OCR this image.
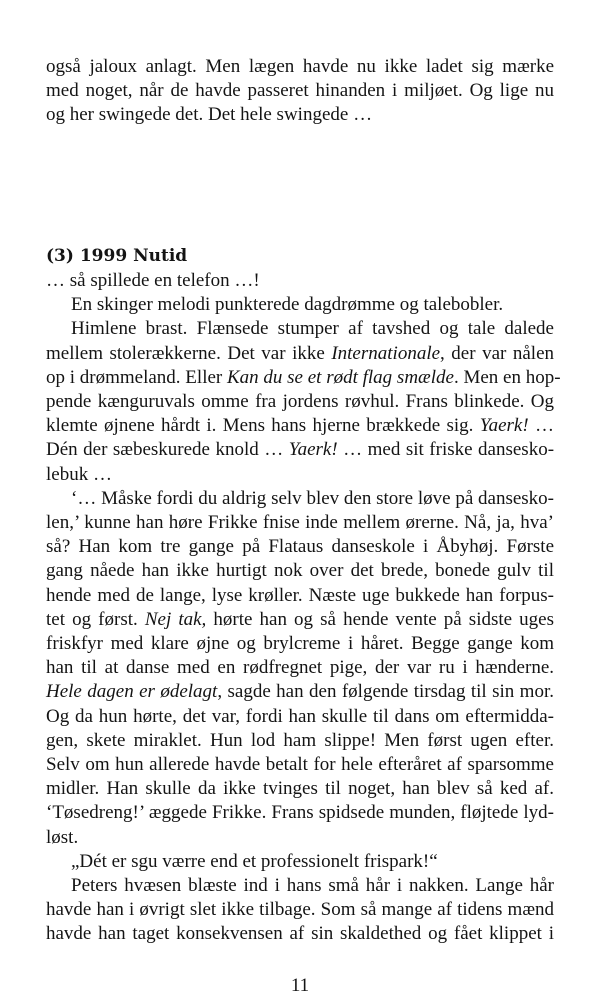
også jaloux anlagt. Men lægen havde nu ikke ladet sig mærke
med noget, når de havde passeret hinanden i miljøet. Og lige nu
og her swingede det. Det hele swingede …
(3) 1999 Nutid
… så spillede en telefon …!
En skinger melodi punkterede dagdrømme og talebobler.
Himlene brast. Flænsede stumper af tavshed og tale dalede
mellem stolerækkerne. Det var ikke Internationale, der var nålen
op i drømmeland. Eller Kan du se et rødt flag smælde. Men en hop-
pende kænguruvals omme fra jordens røvhul. Frans blinkede. Og
klemte øjnene hårdt i. Mens hans hjerne brækkede sig. Yaerk! …
Dén der sæbeskurede knold … Yaerk! … med sit friske danseskо-
lebuk …
‘… Måske fordi du aldrig selv blev den store løve på danseskо-
len,’ kunne han høre Frikke fnise inde mellem ørerne. Nå, ja, hva’
så? Han kom tre gange på Flataus danseskole i Åbyhøj. Første
gang nåede han ikke hurtigt nok over det brede, bonede gulv til
hende med de lange, lyse krøller. Næste uge bukkede han forpus-
tet og først. Nej tak, hørte han og så hende vente på sidste uges
friskfyr med klare øjne og brylcreme i håret. Begge gange kom
han til at danse med en rødfregnet pige, der var ru i hænderne.
Hele dagen er ødelagt, sagde han den følgende tirsdag til sin mor.
Og da hun hørte, det var, fordi han skulle til dans om eftermidda-
gen, skete miraklet. Hun lod ham slippe! Men først ugen efter.
Selv om hun allerede havde betalt for hele efteråret af sparsomme
midler. Han skulle da ikke tvinges til noget, han blev så ked af.
‘Tøsedreng!’ æggede Frikke. Frans spidsede munden, fløjtede lyd-
løst.
„Dét er sgu værre end et professionelt frispark!“
Peters hvæsen blæste ind i hans små hår i nakken. Lange hår
havde han i øvrigt slet ikke tilbage. Som så mange af tidens mænd
havde han taget konsekvensen af sin skaldethed og fået klippet i
11
